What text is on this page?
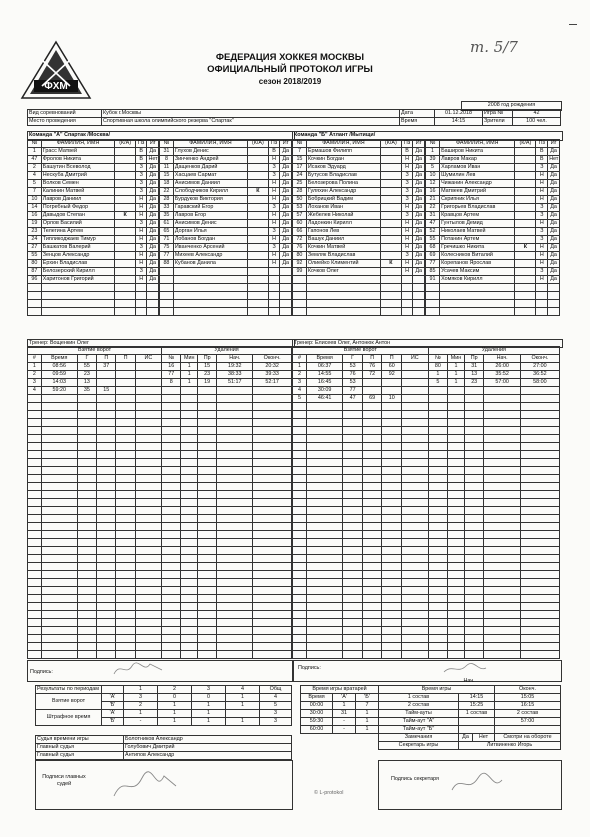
ФХМ
ФЕДЕРАЦИЯ ХОККЕЯ МОСКВЫ
ОФИЦИАЛЬНЫЙ ПРОТОКОЛ ИГРЫ
сезон 2018/2019
т. 5/7
2008 год рождения
Вид соревнований	Кубок г.Москвы	Дата	01.12.2018	Игра №	42
Место проведения	Спортивная школа олимпийского резерва "Спартак"	Время	14:15	Зрители	100 чел.
Команда "А" Спартак /Москва/	Команда "Б" Атлант /Мытищи/
№	ФАМИЛИЯ, ИМЯ	(К/А)	Пз	Иг
1	Грасс Матвей		В	Да
47	Фролов Никита		В	Нет
2	Башутин Всеволод		З	Да
4	Нескуба Дмитрий		З	Да
5	Волков Семен		З	Да
7	Калинин Матвей		З	Да
10	Лавров Даниил		Н	Да
14	Погребный Федор		Н	Да
16	Давыдов Степан	К	Н	Да
19	Орлов Василий		З	Да
23	Телегина Артем		Н	Да
24	Типликоджаев Тимур		Н	Да
27	Башкатов Валерий		З	Да
55	Зенцов Александр		Н	Да
80	Ерхин Владислав		Н	Да
87	Белозерский Кирилл		З	Да
96	Харитонов Григорий		Н	Да

№	ФАМИЛИЯ, ИМЯ	(К/А)	Пз	Иг
31	Глухов Денис		В	Да
8	Зинченко Андрей		Н	Да
11	Дащенков Дарий		З	Да
15	Хасцаев Сармат		З	Да
18	Анисимов Даниил		Н	Да
22	Слободчиков Кирилл	К	Н	Да
28	Бурдуков Виктория		Н	Да
33	Гаравский Егор		З	Да
35	Лавров Егор		Н	Да
61	Анисимов Денис		Н	Да
65	Дорган Илья		З	Да
71	Лобанов Богдан		Н	Да
75	Иванченко Арсений		З	Да
77	Михеев Александр		Н	Да
88	Кубанов Данила		Н	Да

№	ФАМИЛИЯ, ИМЯ	(К/А)	Пз	Иг
7	Ермашов Филипп		В	Да
15	Кочкин Богдан		Н	Да
17	Исаков Эдуард		Н	Да
24	Бутусов Владислав		З	Да
25	Белозерова Полина		З	Да
28	Гуляхин Александр		З	Да
50	Бобрицкий Вадим		З	Да
53	Лоханов Иван		Н	Да
57	Жебелев Николай		З	Да
60	Ладонкин Кирилл		Н	Да
66	Гапонов Лев		Н	Да
72	Вашук Даниил		Н	Да
76	Кочкин Матвей		Н	Да
80	Земляк Владислав		З	Да
92	Олиейко Климентий	К	Н	Да
99	Кочков Олег		Н	Да

№	ФАМИЛИЯ, ИМЯ	(К/А)	Пз	Иг
1	Баширов Никита		В	Да
39	Лавров Макар		В	Нет
5	Харламов Иван		З	Да
10	Шумилин Лев		Н	Да
12	Чижанин Александр		Н	Да
16	Матвеев Дмитрий		Н	Да
21	Скрипник Илья		Н	Да
22	Григорьев Владислав		З	Да
31	Кравцов Артем		З	Да
47	Гунтылов Демид		Н	Да
52	Николаев Матвей		З	Да
55	Потанин Артем		З	Да
68	Гречишко Никита	К	Н	Да
69	Колесников Виталий		Н	Да
77	Корепанов Ярослав		Н	Да
85	Усачев Максим		З	Да
91	Хомяков Кирилл		Н	Да

Тренер: Вощенкин Олег	Тренер: Елисеев Олег, Антонюк Антон
Взятие ворот						Удаления				
#	Время	Г	П	П	ИС	№	Мин	Пр	Нач.	Оконч.
1	08:56	55	37			16	1	15	19:32	20:32
2	09:59	23				77	1	23	38:33	39:33
3	14:03	13				8	1	19	51:17	52:17
4	59:20	35	15							

Взятие ворот						Удаления				
#	Время	Г	П	П	ИС	№	Мин	Пр	Нач.	Оконч.
1	06:37	53	76	60		80	1	31	26:00	27:00
2	14:55	76	72	92		1	1	13	35:52	36:52
3	16:45	53				5	1	23	57:00	58:00
4	30:09	77								
5	46:41	47	69	10						

Подпись:
Подпись:
Результаты по периодам		1	2	3	4	Общ
Взятие ворот	'А'	3	0	0	1	4
	'Б'	2	1	1	1	5
Штрафное время	'А'	1	1	1		3
	'Б'	-	1	1	1	3
Судья времени игры	Болотников Александр
Главный судья	Голубович Дмитрий
Главный судья	Антипов Александр
Подписи главных судей
Время игры вратарей		
Время	'А'	'Б'
00:00	1	7
30:00	31	1
59:30	-	1
60:00	-	1
Время игры			Оконч.
1 состав	14:15		15:05
2 состав	15:25		16:15
Тайм-ауты	1 состав		2 состав
Тайм-аут "А"			57:00
Тайм-аут "Б"			
Замечания	Да	Нет	Смотри на обороте
Секретарь игры	Литвиненко Игорь		
Нач.
Подпись секретаря
© L-protokol
